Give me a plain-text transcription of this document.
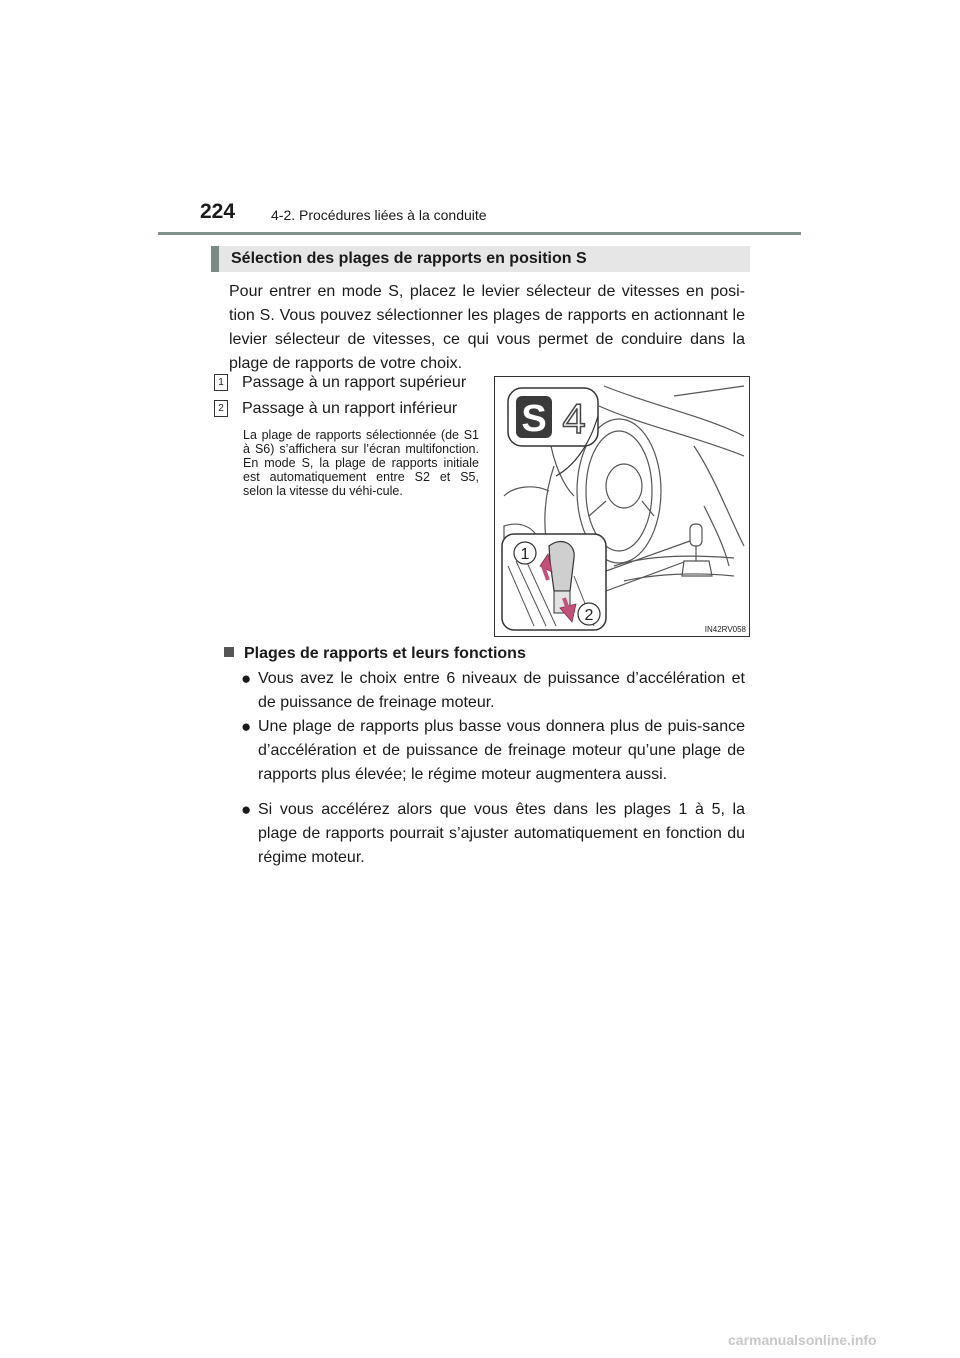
224	4-2. Procédures liées à la conduite
Sélection des plages de rapports en position S

Pour entrer en mode S, placez le levier sélecteur de vitesses en posi-tion S. Vous pouvez sélectionner les plages de rapports en actionnant le levier sélecteur de vitesses, ce qui vous permet de conduire dans la plage de rapports de votre choix.

1 Passage à un rapport supérieur
2 Passage à un rapport inférieur

La plage de rapports sélectionnée (de S1 à S6) s’affichera sur l’écran multifonction. En mode S, la plage de rapports initiale est automatiquement entre S2 et S5, selon la vitesse du véhi-cule.

S 4
1
2
IN42RV058
Plages de rapports et leurs fonctions
● Vous avez le choix entre 6 niveaux de puissance d’accélération et de puissance de freinage moteur.
● Une plage de rapports plus basse vous donnera plus de puis-sance d’accélération et de puissance de freinage moteur qu’une plage de rapports plus élevée; le régime moteur augmentera aussi.
● Si vous accélérez alors que vous êtes dans les plages 1 à 5, la plage de rapports pourrait s’ajuster automatiquement en fonction du régime moteur.
carmanualsonline.info
